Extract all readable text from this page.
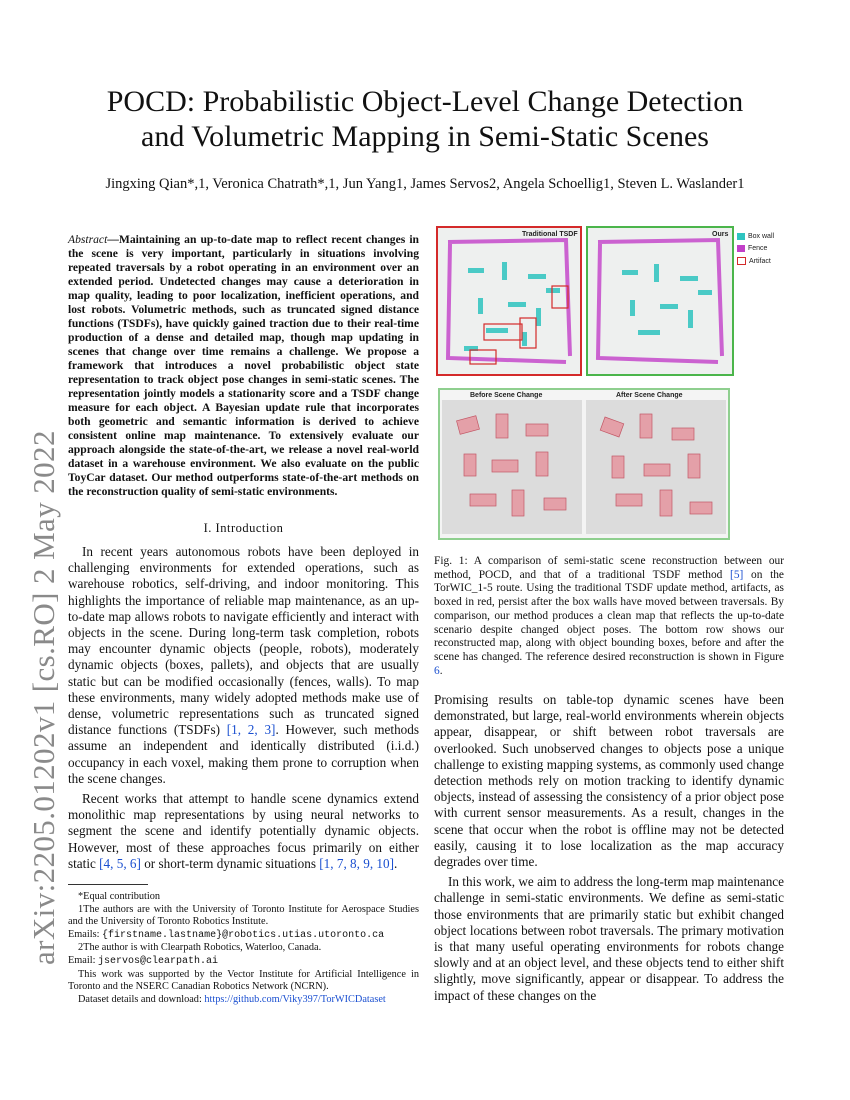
arXiv:2205.01202v1 [cs.RO] 2 May 2022
POCD: Probabilistic Object-Level Change Detection
and Volumetric Mapping in Semi-Static Scenes
Jingxing Qian*,1, Veronica Chatrath*,1, Jun Yang1, James Servos2, Angela Schoellig1, Steven L. Waslander1

Abstract—Maintaining an up-to-date map to reflect recent changes in the scene is very important, particularly in situations involving repeated traversals by a robot operating in an environment over an extended period. Undetected changes may cause a deterioration in map quality, leading to poor localization, inefficient operations, and lost robots. Volumetric methods, such as truncated signed distance functions (TSDFs), have quickly gained traction due to their real-time production of a dense and detailed map, though map updating in scenes that change over time remains a challenge. We propose a framework that introduces a novel probabilistic object state representation to track object pose changes in semi-static scenes. The representation jointly models a stationarity score and a TSDF change measure for each object. A Bayesian update rule that incorporates both geometric and semantic information is derived to achieve consistent online map maintenance. To extensively evaluate our approach alongside the state-of-the-art, we release a novel real-world dataset in a warehouse environment. We also evaluate on the public ToyCar dataset. Our method outperforms state-of-the-art methods on the reconstruction quality of semi-static environments.

I. Introduction

In recent years autonomous robots have been deployed in challenging environments for extended operations, such as warehouse robotics, self-driving, and indoor monitoring. This highlights the importance of reliable map maintenance, as an up-to-date map allows robots to navigate efficiently and interact with objects in the scene. During long-term task completion, robots may encounter dynamic objects (people, robots), moderately dynamic objects (boxes, pallets), and objects that are usually static but can be modified occasionally (fences, walls). To map these environments, many widely adopted methods make use of dense, volumetric representations such as truncated signed distance functions (TSDFs) [1, 2, 3]. However, such methods assume an independent and identically distributed (i.i.d.) occupancy in each voxel, making them prone to corruption when the scene changes.

Recent works that attempt to handle scene dynamics extend monolithic map representations by using neural networks to segment the scene and identify potentially dynamic objects. However, most of these approaches focus primarily on either static [4, 5, 6] or short-term dynamic situations [1, 7, 8, 9, 10].

*Equal contribution

1The authors are with the University of Toronto Institute for Aerospace Studies and the University of Toronto Robotics Institute.

Emails: {firstname.lastname}@robotics.utias.utoronto.ca

2The author is with Clearpath Robotics, Waterloo, Canada.

Email: jservos@clearpath.ai

This work was supported by the Vector Institute for Artificial Intelligence in Toronto and the NSERC Canadian Robotics Network (NCRN).

Dataset details and download: https://github.com/Viky397/TorWICDataset

Traditional TSDF	Ours	Box wall
Fence
Artifact
Before Scene Change	After Scene Change

Fig. 1: A comparison of semi-static scene reconstruction between our method, POCD, and that of a traditional TSDF method [5] on the TorWIC_1-5 route. Using the traditional TSDF update method, artifacts, as boxed in red, persist after the box walls have moved between traversals. By comparison, our method produces a clean map that reflects the up-to-date scenario despite changed object poses. The bottom row shows our reconstructed map, along with object bounding boxes, before and after the scene has changed. The reference desired reconstruction is shown in Figure 6.

Promising results on table-top dynamic scenes have been demonstrated, but large, real-world environments wherein objects appear, disappear, or shift between robot traversals are overlooked. Such unobserved changes to objects pose a unique challenge to existing mapping systems, as commonly used change detection methods rely on motion tracking to identify dynamic objects, instead of assessing the consistency of a prior object pose with current sensor measurements. As a result, changes in the scene that occur when the robot is offline may not be detected easily, causing it to lose localization as the map accuracy degrades over time.

In this work, we aim to address the long-term map maintenance challenge in semi-static environments. We define as semi-static those environments that are primarily static but exhibit changed object locations between robot traversals. The primary motivation is that many useful operating environments for robots change slowly and at an object level, and these objects tend to either shift slightly, move significantly, appear or disappear. To address the impact of these changes on the
